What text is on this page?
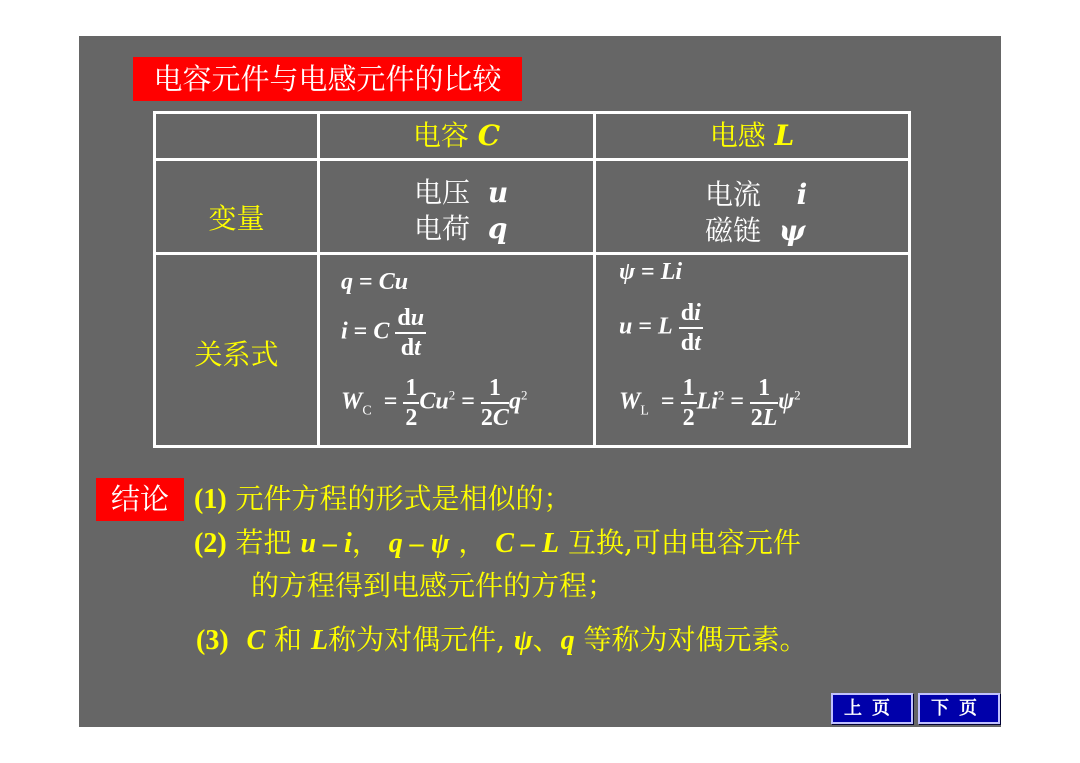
电容元件与电感元件的比较
电容 C	电感 L
变量
关系式
电压 u
电荷 q
电流 i
磁链 ψ
q = Cu
i = C $\frac{du}{dt}$
$W_C = \frac{1}{2} Cu^2 = \frac{1}{2C} q^2$
ψ = Li
u = L $\frac{di}{dt}$
$W_L = \frac{1}{2} Li^2 = \frac{1}{2L} \psi^2$
结论 (1) 元件方程的形式是相似的；
(2) 若把 u – i， q – ψ ， C – L 互换,可由电容元件
的方程得到电感元件的方程；
(3) C 和 L称为对偶元件, ψ、q 等称为对偶元素。
上页	下页
